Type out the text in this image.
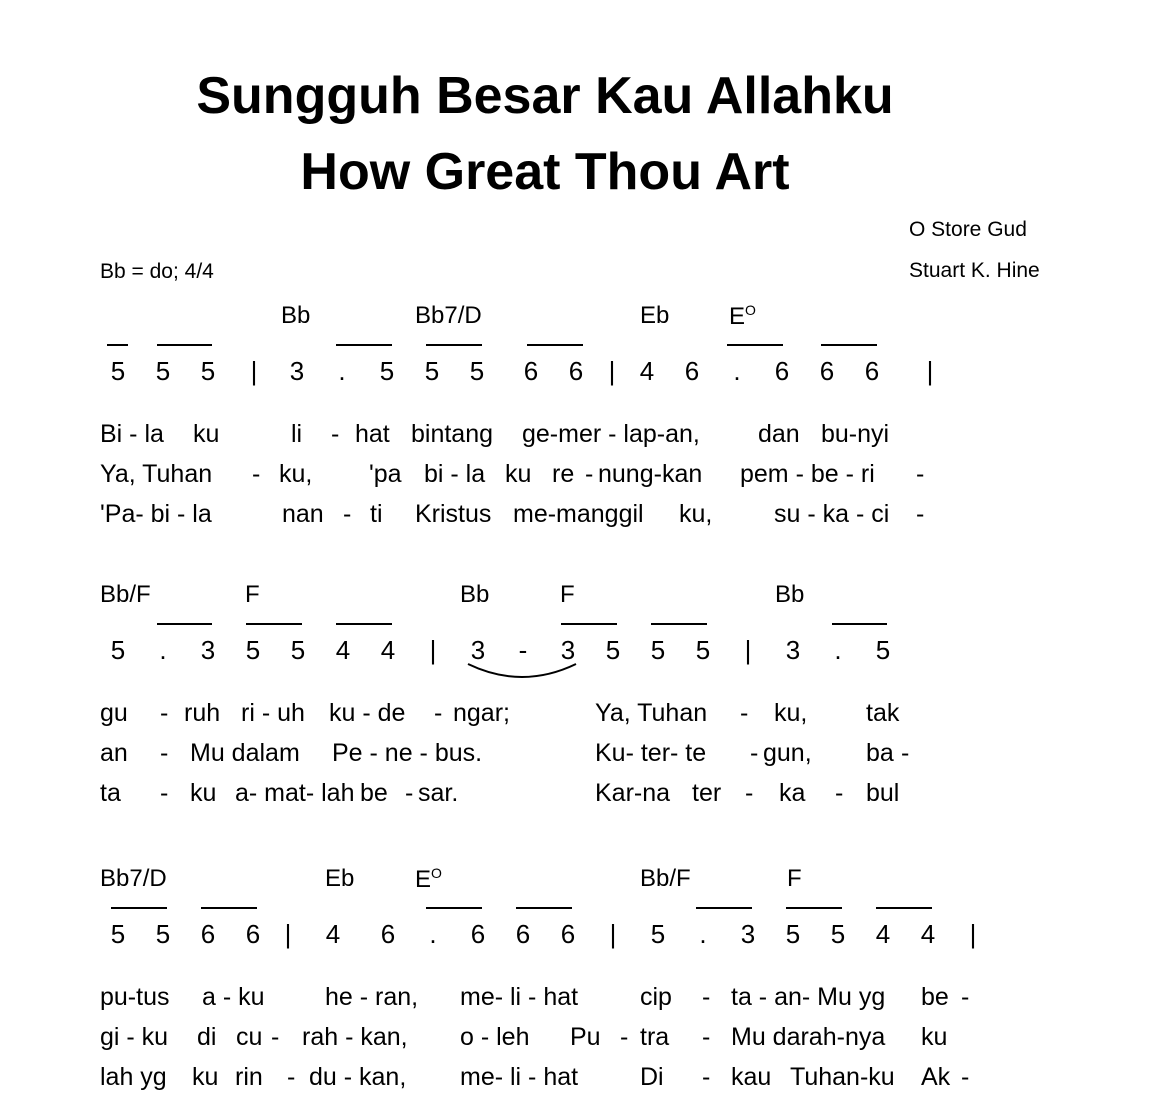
Sungguh Besar Kau Allahku
How Great Thou Art
O Store Gud
Stuart K. Hine
Bb = do; 4/4
Bb	Bb7/D	Eb $E^O$
5	5	5	|	3	.	5	5	5	6	6 | 4	6	.	6	6	6	|
Bi - la ku	li - hat bintang ge-mer - lap-an, dan bu-nyi
Ya, Tuhan - ku, 'pa bi - la ku re - nung-kan pem - be - ri -
'Pa- bi - la	nan - ti Kristus me-manggil ku, su - ka - ci -
Bb/F	F	Bb	F	Bb
5	.	3	5	5	4	4	|	3	-	3	5	5	5	|	3	.	5
gu - ruh ri - uh ku - de - ngar;	Ya, Tuhan - ku, tak
an - Mu dalam Pe - ne - bus.	Ku- ter- te - gun, ba -
ta - ku a- mat- lah be - sar.	Kar-na ter - ka - bul
Bb7/D	Eb	$E^O$	Bb/F	F
5	5	6	6 |	4	6	.	6	6	6	|	5	.	3	5	5	4	4	|
pu-tus a - ku he - ran, me- li - hat cip - ta - an- Mu yg be -
gi - ku di cu - rah - kan, o - leh Pu - tra - Mu darah-nya ku
lah yg ku rin - du - kan, me- li - hat Di - kau Tuhan-ku Ak -
